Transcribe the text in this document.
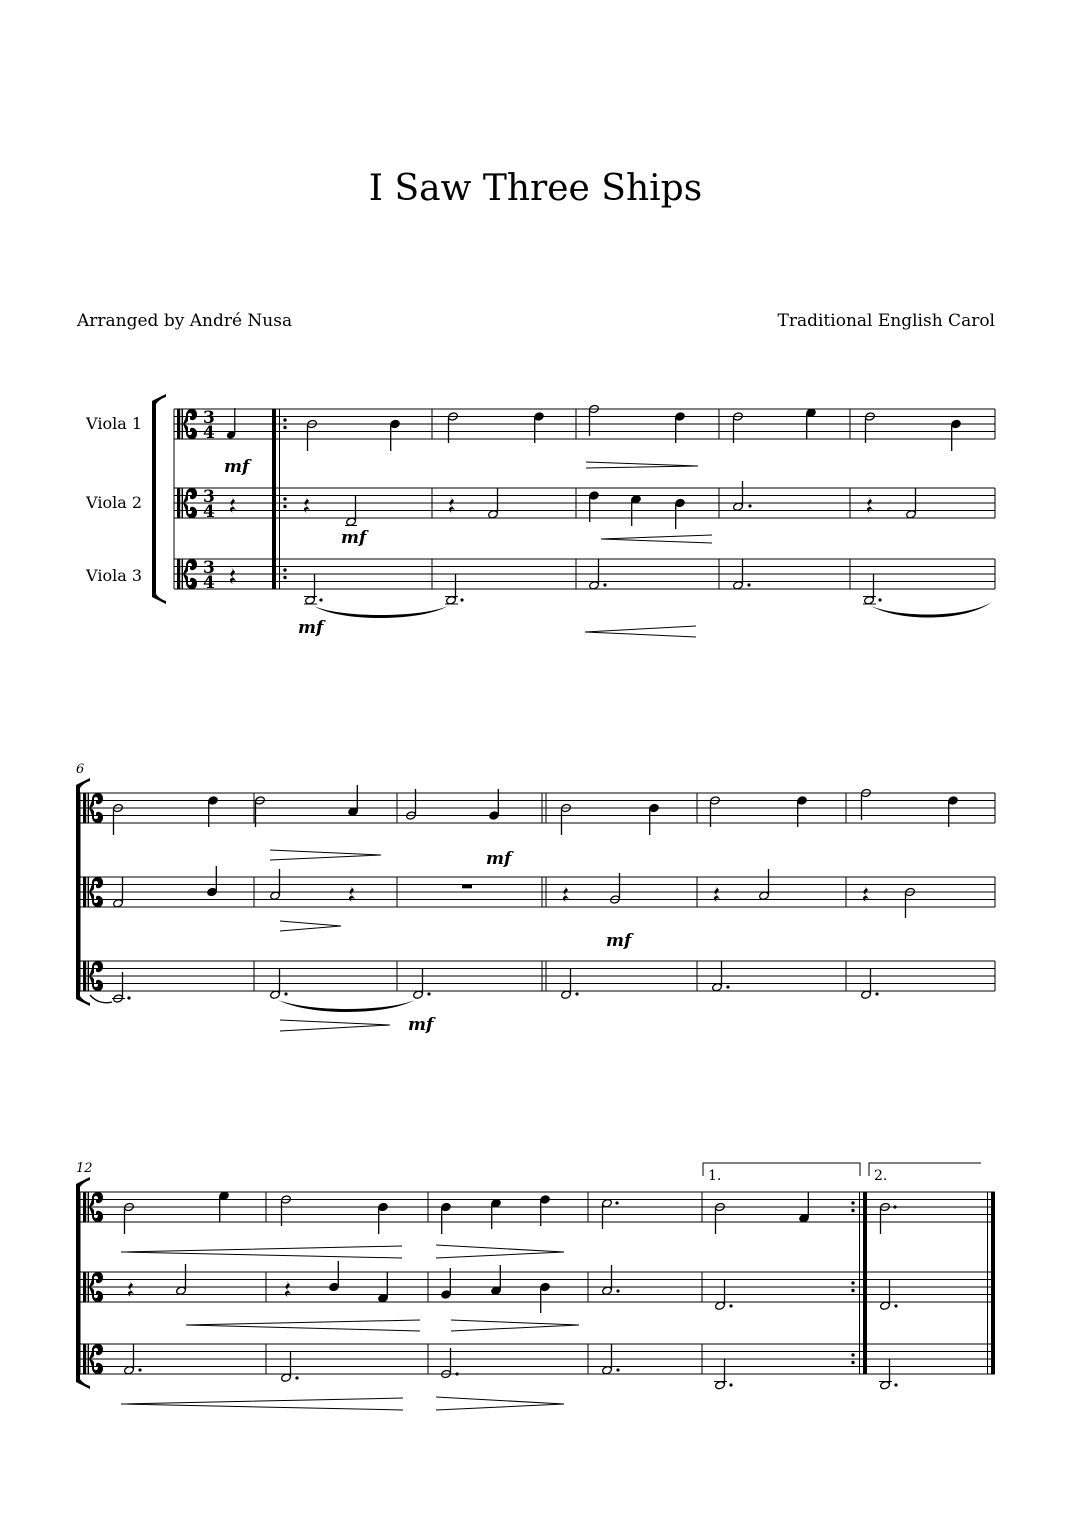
I Saw Three Ships
Arranged by André Nusa	Traditional English Carol
Viola 1
Viola 2
Viola 3
3
4
3
4
3
4
mf
mf
mf
6
mf
mf
mf
12	1.	2.
